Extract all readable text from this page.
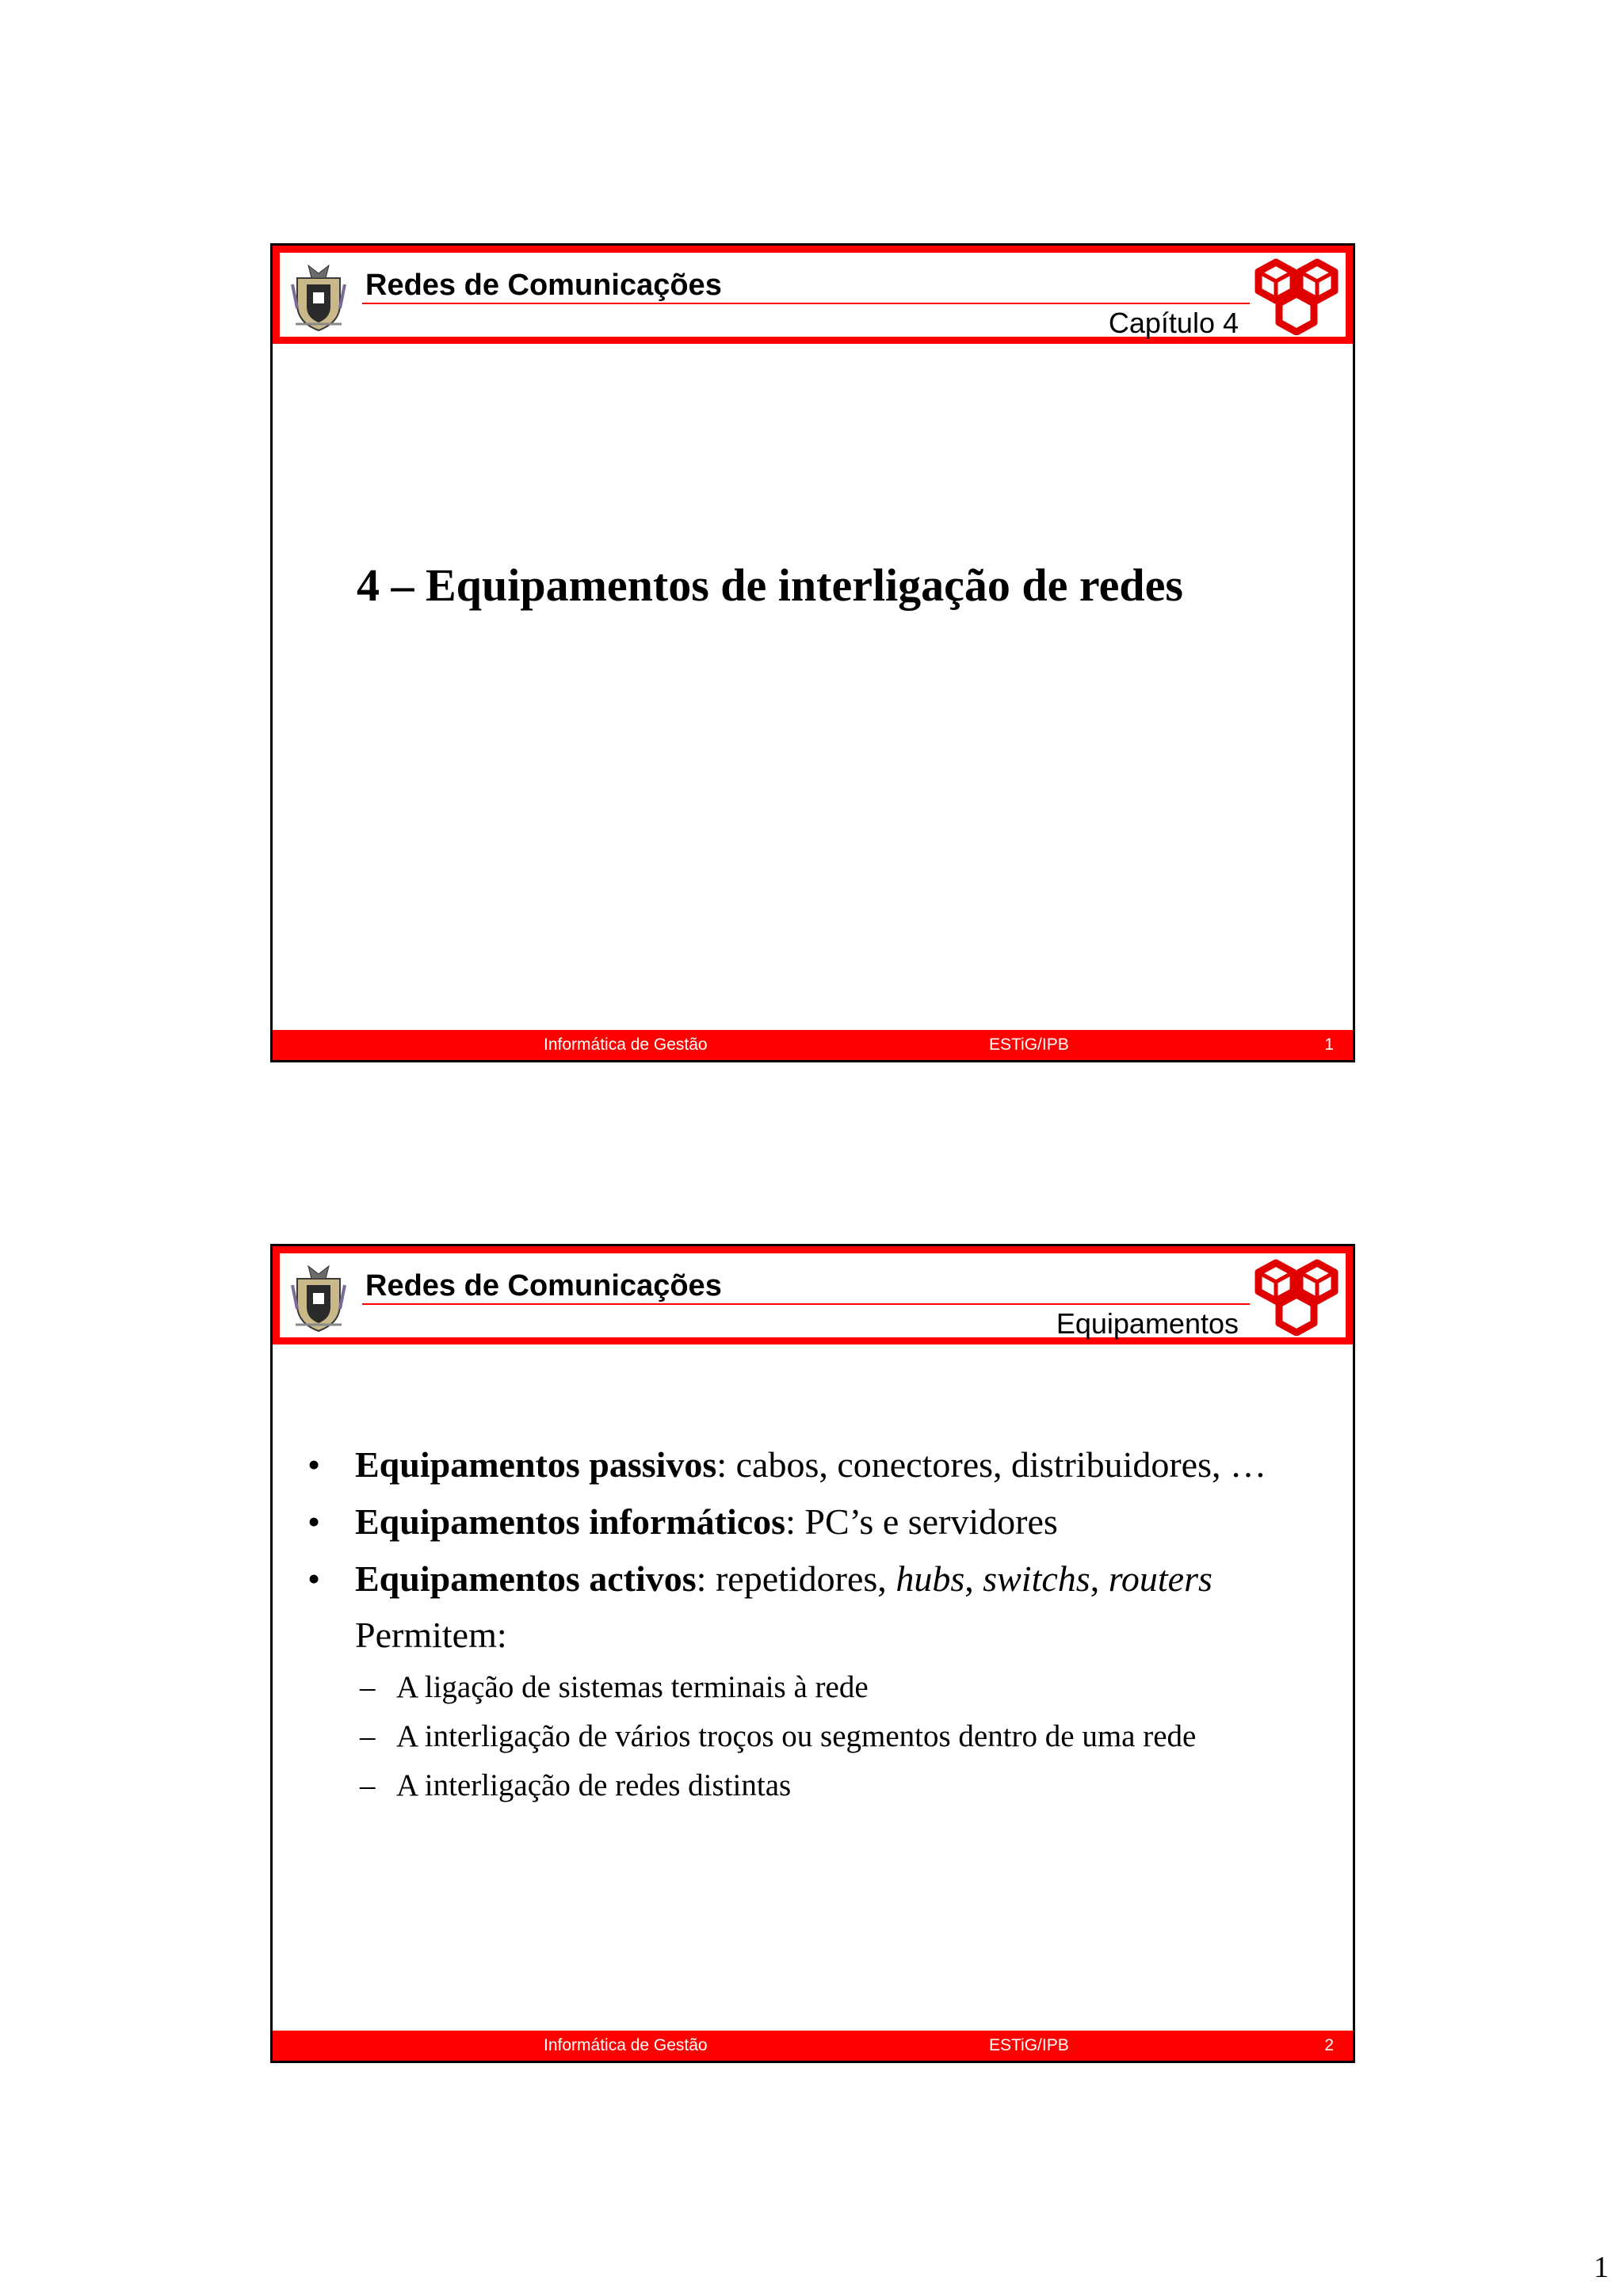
Redes de Comunicações
Capítulo 4
4 – Equipamentos de interligação de redes
Informática de Gestão	ESTiG/IPB	1
Redes de Comunicações
Equipamentos
• Equipamentos passivos: cabos, conectores, distribuidores, …
• Equipamentos informáticos: PC’s e servidores
• Equipamentos activos: repetidores, hubs, switchs, routers
Permitem:
– A ligação de sistemas terminais à rede
– A interligação de vários troços ou segmentos dentro de uma rede
– A interligação de redes distintas
Informática de Gestão	ESTiG/IPB	2
1
